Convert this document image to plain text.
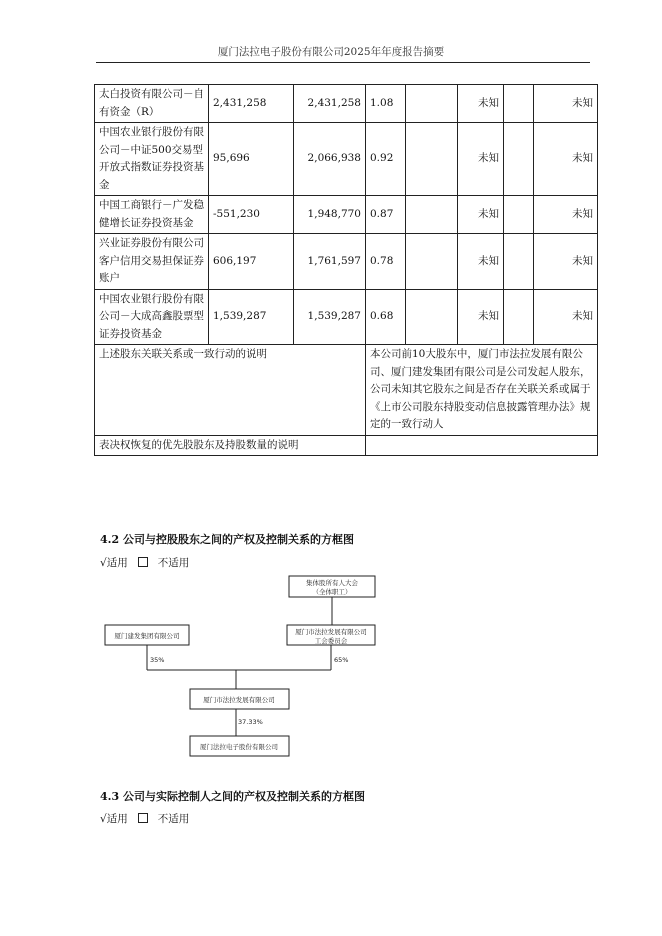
厦门法拉电子股份有限公司2025年年度报告摘要
太白投资有限公司－自有资金（R）	2,431,258	2,431,258	1.08		未知		未知
中国农业银行股份有限公司－中证500交易型开放式指数证券投资基金	95,696	2,066,938	0.92		未知		未知
中国工商银行－广发稳健增长证券投资基金	-551,230	1,948,770	0.87		未知		未知
兴业证券股份有限公司客户信用交易担保证券账户	606,197	1,761,597	0.78		未知		未知
中国农业银行股份有限公司－大成高鑫股票型证券投资基金	1,539,287	1,539,287	0.68		未知		未知
上述股东关联关系或一致行动的说明			本公司前10大股东中，厦门市法拉发展有限公司、厦门建发集团有限公司是公司发起人股东，公司未知其它股东之间是否存在关联关系或属于《上市公司股东持股变动信息披露管理办法》规定的一致行动人				
表决权恢复的优先股股东及持股数量的说明							
4.2 公司与控股股东之间的产权及控制关系的方框图
√适用	不适用
集体股所有人大会
（全体职工）
厦门建发集团有限公司	厦门市法拉发展有限公司
工会委员会
35%	65%
厦门市法拉发展有限公司
37.33%
厦门法拉电子股份有限公司
4.3 公司与实际控制人之间的产权及控制关系的方框图
√适用	不适用
